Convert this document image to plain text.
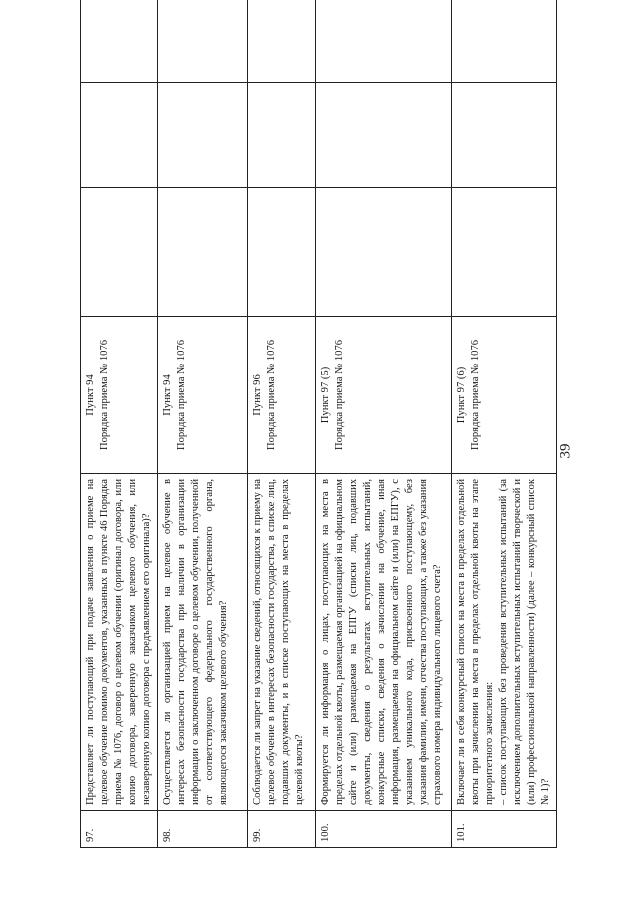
39
97.	Представляет ли поступающий при подаче заявления о приеме на целевое обучение помимо документов, указанных в пункте 46 Порядка приема № 1076, договор о целевом обучении (оригинал договора, или копию договора, заверенную заказчиком целевого обучения, или незаверенную копию договора с предъявлением его оригинала)?	Пункт 94 Порядка приема № 1076			

98.	Осуществляется ли организацией прием на целевое обучение в интересах безопасности государства при наличии в организации информации о заключенном договоре о целевом обучении, полученной от соответствующего федерального государственного органа, являющегося заказчиком целевого обучения?	Пункт 94 Порядка приема № 1076			

99.	Соблюдается ли запрет на указание сведений, относящихся к приему на целевое обучение в интересах безопасности государства, в списке лиц, подавших документы, и в списке поступающих на места в пределах целевой квоты?	Пункт 96 Порядка приема № 1076			

100.	Формируется ли информация о лицах, поступающих на места в пределах отдельной квоты, размещаемая организацией на официальном сайте и (или) размещаемая на ЕПГУ (списки лиц, подавших документы, сведения о результатах вступительных испытаний, конкурсные списки, сведения о зачислении на обучение, иная информация, размещаемая на официальном сайте и (или) на ЕПГУ), с указанием уникального кода, присвоенного поступающему, без указания фамилии, имени, отчества поступающих, а также без указания страхового номера индивидуального лицевого счета?	Пункт 97 (5) Порядка приема № 1076			

101.	Включает ли в себя конкурсный список на места в пределах отдельной квоты при зачислении на места в пределах отдельной квоты на этапе приоритетного зачисления: – список поступающих без проведения вступительных испытаний (за исключением дополнительных вступительных испытаний творческой и (или) профессиональной направленности) (далее – конкурсный список № 1)?	Пункт 97 (6) Порядка приема № 1076			
